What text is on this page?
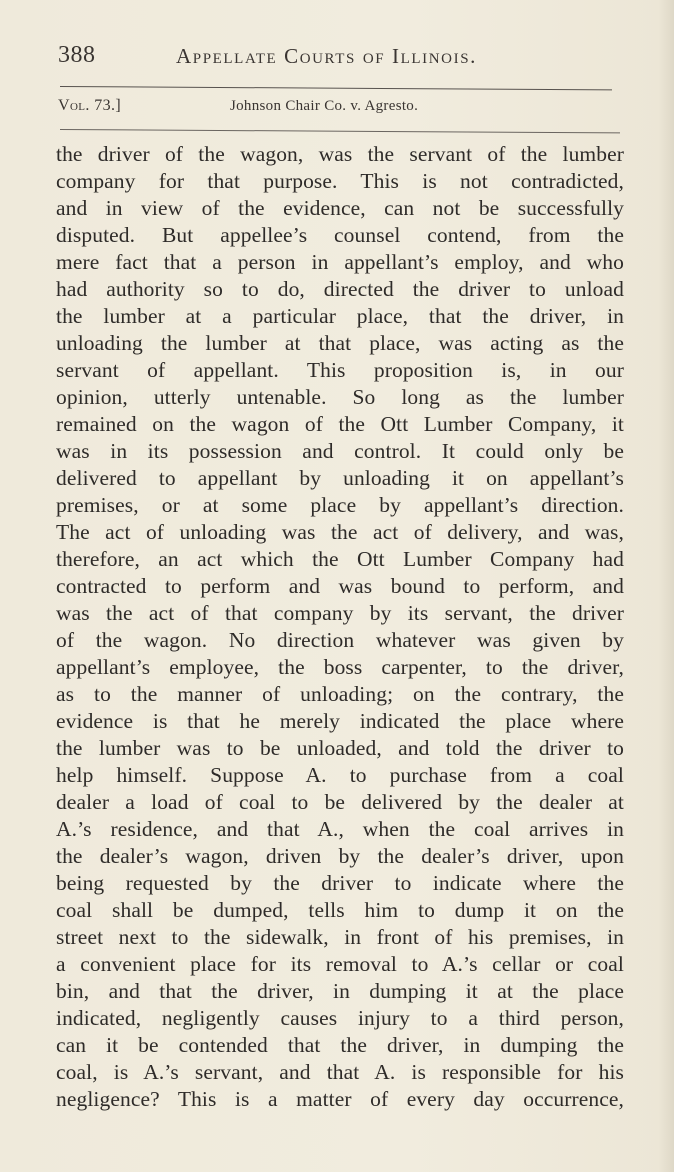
388	Appellate Courts of Illinois.
Vol. 73.]	Johnson Chair Co. v. Agresto.
the driver of the wagon, was the servant of the lumber
company for that purpose. This is not contradicted,
and in view of the evidence, can not be successfully
disputed. But appellee’s counsel contend, from the
mere fact that a person in appellant’s employ, and who
had authority so to do, directed the driver to unload
the lumber at a particular place, that the driver, in
unloading the lumber at that place, was acting as the
servant of appellant. This proposition is, in our
opinion, utterly untenable. So long as the lumber
remained on the wagon of the Ott Lumber Company, it
was in its possession and control. It could only be
delivered to appellant by unloading it on appellant’s
premises, or at some place by appellant’s direction.
The act of unloading was the act of delivery, and was,
therefore, an act which the Ott Lumber Company had
contracted to perform and was bound to perform, and
was the act of that company by its servant, the driver
of the wagon. No direction whatever was given by
appellant’s employee, the boss carpenter, to the driver,
as to the manner of unloading; on the contrary, the
evidence is that he merely indicated the place where
the lumber was to be unloaded, and told the driver to
help himself. Suppose A. to purchase from a coal
dealer a load of coal to be delivered by the dealer at
A.’s residence, and that A., when the coal arrives in
the dealer’s wagon, driven by the dealer’s driver, upon
being requested by the driver to indicate where the
coal shall be dumped, tells him to dump it on the
street next to the sidewalk, in front of his premises, in
a convenient place for its removal to A.’s cellar or coal
bin, and that the driver, in dumping it at the place
indicated, negligently causes injury to a third person,
can it be contended that the driver, in dumping the
coal, is A.’s servant, and that A. is responsible for his
negligence? This is a matter of every day occurrence,
